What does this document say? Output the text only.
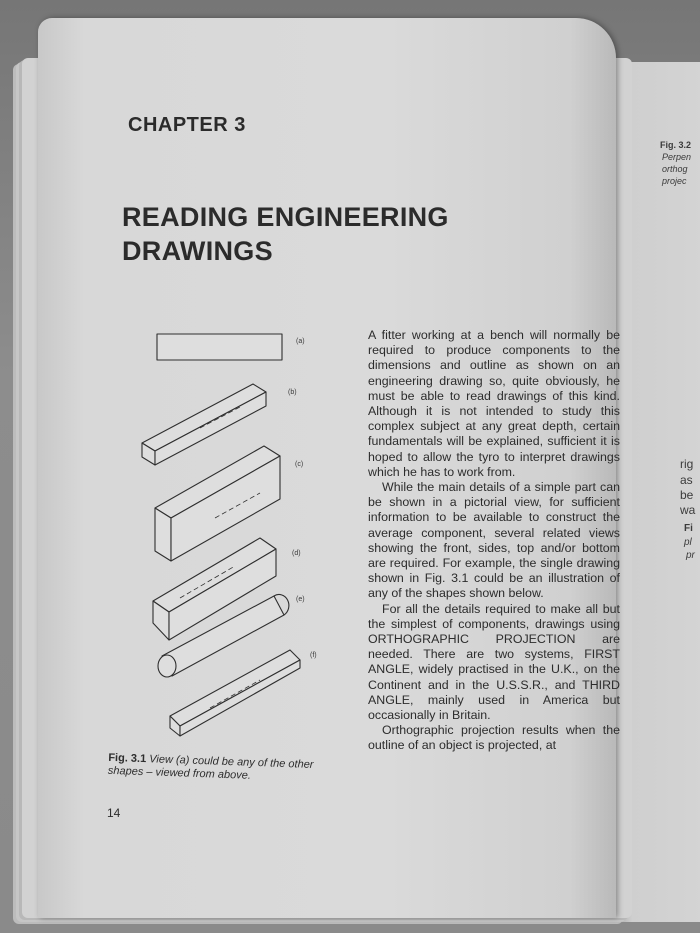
CHAPTER 3
READING ENGINEERING
DRAWINGS
(a)
(b)
(c)
(d)
(e)
(f)
Fig. 3.1 View (a) could be any of the other shapes – viewed from above.
14

A fitter working at a bench will normally be required to produce components to the dimensions and outline as shown on an engineering drawing so, quite obviously, he must be able to read drawings of this kind. Although it is not intended to study this complex subject at any great depth, certain fundamentals will be explained, sufficient it is hoped to allow the tyro to interpret drawings which he has to work from.

While the main details of a simple part can be shown in a pictorial view, for sufficient information to be available to construct the average component, several related views showing the front, sides, top and/or bottom are required. For example, the single drawing shown in Fig. 3.1 could be an illustration of any of the shapes shown below.

For all the details required to make all but the simplest of components, drawings using ORTHOGRAPHIC PROJECTION are needed. There are two systems, FIRST ANGLE, widely practised in the U.K., on the Continent and in the U.S.S.R., and THIRD ANGLE, mainly used in America but occasionally in Britain.

Orthographic projection results when the outline of an object is projected, at

Fig. 3.2
Perpen
orthog
projec
rig
as
be
wa
Fi
pl
pr
